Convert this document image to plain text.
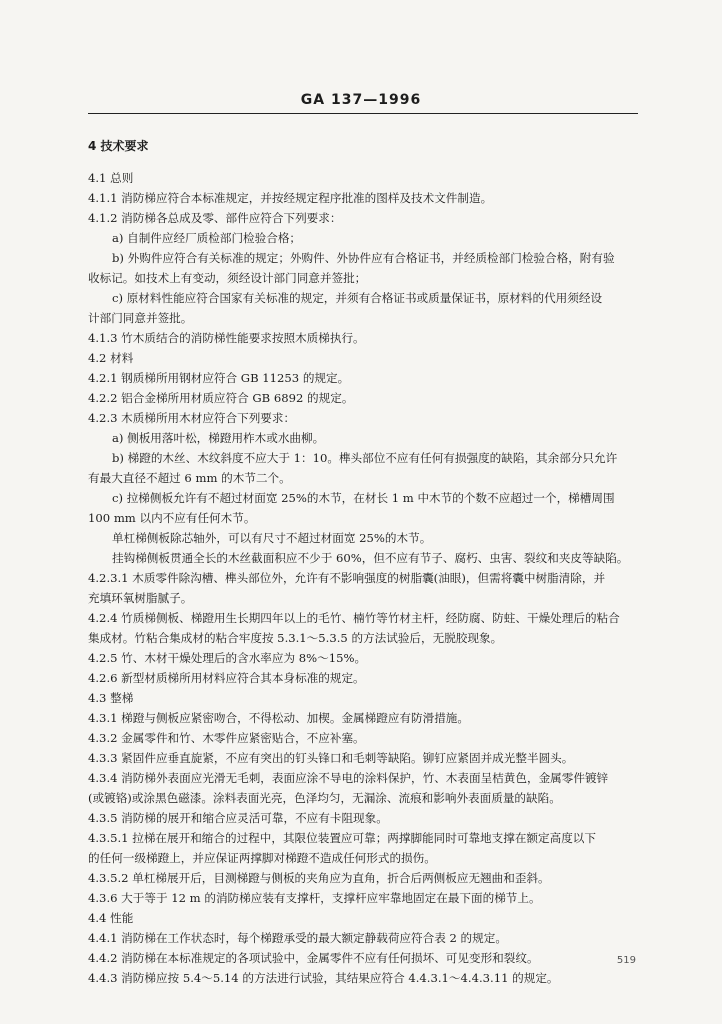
GA 137—1996

4 技术要求

4.1 总则

4.1.1 消防梯应符合本标准规定，并按经规定程序批准的图样及技术文件制造。

4.1.2 消防梯各总成及零、部件应符合下列要求：

a) 自制件应经厂质检部门检验合格；

b) 外购件应符合有关标准的规定；外购件、外协件应有合格证书，并经质检部门检验合格，附有验

收标记。如技术上有变动，须经设计部门同意并签批；

c) 原材料性能应符合国家有关标准的规定，并须有合格证书或质量保证书，原材料的代用须经设

计部门同意并签批。

4.1.3 竹木质结合的消防梯性能要求按照木质梯执行。

4.2 材料

4.2.1 钢质梯所用钢材应符合 GB 11253 的规定。

4.2.2 铝合金梯所用材质应符合 GB 6892 的规定。

4.2.3 木质梯所用木材应符合下列要求：

a) 侧板用落叶松，梯蹬用柞木或水曲柳。

b) 梯蹬的木丝、木纹斜度不应大于 1：10。榫头部位不应有任何有损强度的缺陷，其余部分只允许

有最大直径不超过 6 mm 的木节二个。

c) 拉梯侧板允许有不超过材面宽 25%的木节，在材长 1 m 中木节的个数不应超过一个，梯槽周围

100 mm 以内不应有任何木节。

单杠梯侧板除芯轴外，可以有尺寸不超过材面宽 25%的木节。

挂钩梯侧板贯通全长的木丝截面积应不少于 60%，但不应有节子、腐朽、虫害、裂纹和夹皮等缺陷。

4.2.3.1 木质零件除沟槽、榫头部位外，允许有不影响强度的树脂囊(油眼)，但需将囊中树脂清除，并

充填环氧树脂腻子。

4.2.4 竹质梯侧板、梯蹬用生长期四年以上的毛竹、楠竹等竹材主杆，经防腐、防蛀、干燥处理后的粘合

集成材。竹粘合集成材的粘合牢度按 5.3.1～5.3.5 的方法试验后，无脱胶现象。

4.2.5 竹、木材干燥处理后的含水率应为 8%～15%。

4.2.6 新型材质梯所用材料应符合其本身标准的规定。

4.3 整梯

4.3.1 梯蹬与侧板应紧密吻合，不得松动、加楔。金属梯蹬应有防滑措施。

4.3.2 金属零件和竹、木零件应紧密贴合，不应补塞。

4.3.3 紧固件应垂直旋紧，不应有突出的钉头锋口和毛刺等缺陷。铆钉应紧固并成光整半圆头。

4.3.4 消防梯外表面应光滑无毛刺，表面应涂不导电的涂料保护，竹、木表面呈桔黄色，金属零件镀锌

(或镀铬)或涂黑色磁漆。涂料表面光亮，色泽均匀，无漏涂、流痕和影响外表面质量的缺陷。

4.3.5 消防梯的展开和缩合应灵活可靠，不应有卡阻现象。

4.3.5.1 拉梯在展开和缩合的过程中，其限位装置应可靠；两撑脚能同时可靠地支撑在额定高度以下

的任何一级梯蹬上，并应保证两撑脚对梯蹬不造成任何形式的损伤。

4.3.5.2 单杠梯展开后，目测梯蹬与侧板的夹角应为直角，折合后两侧板应无翘曲和歪斜。

4.3.6 大于等于 12 m 的消防梯应装有支撑杆，支撑杆应牢靠地固定在最下面的梯节上。

4.4 性能

4.4.1 消防梯在工作状态时，每个梯蹬承受的最大额定静载荷应符合表 2 的规定。

4.4.2 消防梯在本标准规定的各项试验中，金属零件不应有任何损坏、可见变形和裂纹。

4.4.3 消防梯应按 5.4～5.14 的方法进行试验，其结果应符合 4.4.3.1～4.4.3.11 的规定。

519
